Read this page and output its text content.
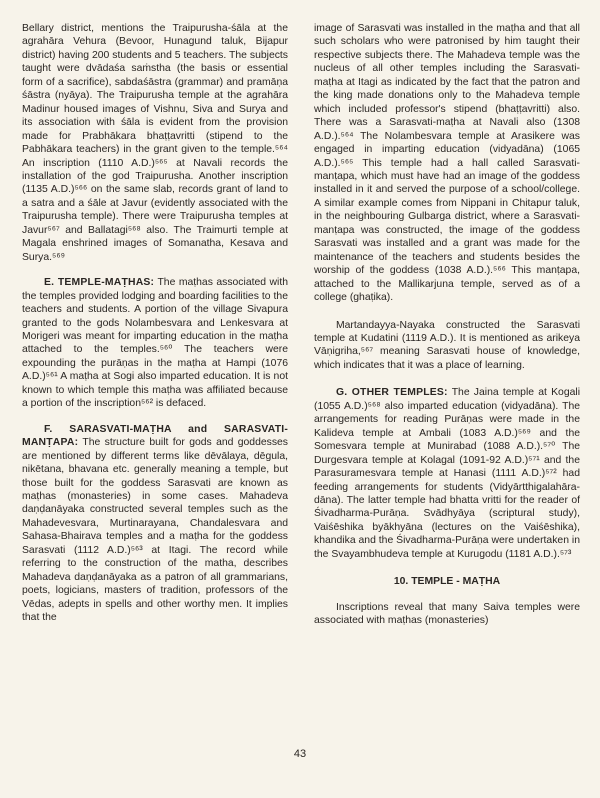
Bellary district, mentions the Traipurusha-śāla at the agrahāra Vehura (Bevoor, Hunagund taluk, Bijapur district) having 200 students and 5 teachers. The subjects taught were dvādaśa saṁstha (the basis or essential form of a sacrifice), sabdaśāstra (grammar) and pramāṇa śāstra (nyāya). The Traipurusha temple at the agrahāra Madinur housed images of Vishnu, Siva and Surya and its association with śāla is evident from the provision made for Prabhākara bhaṭṭavritti (stipend to the Pabhākara teachers) in the grant given to the temple.⁵⁶⁴ An inscription (1110 A.D.)⁵⁶⁵ at Navali records the installation of the god Traipurusha. Another inscription (1135 A.D.)⁵⁶⁶ on the same slab, records grant of land to a satra and a śāle at Javur (evidently associated with the Traipurusha temple). There were Traipurusha temples at Javur⁵⁶⁷ and Ballatagi⁵⁶⁸ also. The Traimurti temple at Magala enshrined images of Somanatha, Kesava and Surya.⁵⁶⁹

E. TEMPLE-MAṬHAS: The maṭhas associated with the temples provided lodging and boarding facilities to the teachers and students. A portion of the village Sivapura granted to the gods Nolambesvara and Lenkesvara at Morigeri was meant for imparting education in the maṭha attached to the temples.⁵⁶⁰ The teachers were expounding the purāṇas in the maṭha at Hampi (1076 A.D.)⁵⁶¹ A maṭha at Sogi also imparted education. It is not known to which temple this maṭha was affiliated because a portion of the inscription⁵⁶² is defaced.

F. SARASVATI-MAṬHA and SARASVATI-MANṬAPA: The structure built for gods and goddesses are mentioned by different terms like dēvālaya, dēgula, nikētana, bhavana etc. generally meaning a temple, but those built for the goddess Sarasvati are known as maṭhas (monasteries) in some cases. Mahadeva daṇḍanāyaka constructed several temples such as the Mahadevesvara, Murtinarayana, Chandalesvara and Sahasa-Bhairava temples and a maṭha for the goddess Sarasvati (1112 A.D.)⁵⁶³ at Itagi. The record while referring to the construction of the matha, describes Mahadeva daṇḍanāyaka as a patron of all grammarians, poets, logicians, masters of tradition, professors of the Vēdas, adepts in spells and other worthy men. It implies that the

image of Sarasvati was installed in the maṭha and that all such scholars who were patronised by him taught their respective subjects there. The Mahadeva temple was the nucleus of all other temples including the Sarasvati-maṭha at Itagi as indicated by the fact that the patron and the king made donations only to the Mahadeva temple which included professor's stipend (bhaṭṭavritti) also. There was a Sarasvati-maṭha at Navali also (1308 A.D.).⁵⁶⁴ The Nolambesvara temple at Arasikere was engaged in imparting education (vidyadāna) (1065 A.D.).⁵⁶⁵ This temple had a hall called Sarasvati-manṭapa, which must have had an image of the goddess installed in it and served the purpose of a school/college. A similar example comes from Nippani in Chitapur taluk, in the neighbouring Gulbarga district, where a Sarasvati-manṭapa was constructed, the image of the goddess Sarasvati was installed and a grant was made for the maintenance of the teachers and students besides the worship of the goddess (1038 A.D.).⁵⁶⁶ This manṭapa, attached to the Mallikarjuna temple, served as of a college (ghaṭika).

Martandayya-Nayaka constructed the Sarasvati temple at Kudatini (1119 A.D.). It is mentioned as arikeya Vāṇigriha,⁵⁶⁷ meaning Sarasvati house of knowledge, which indicates that it was a place of learning.

G. OTHER TEMPLES: The Jaina temple at Kogali (1055 A.D.)⁵⁶⁸ also imparted education (vidyadāna). The arrangements for reading Purāṇas were made in the Kalideva temple at Ambali (1083 A.D.)⁵⁶⁹ and the Somesvara temple at Munirabad (1088 A.D.).⁵⁷⁰ The Durgesvara temple at Kolagal (1091-92 A.D.)⁵⁷¹ and the Parasuramesvara temple at Hanasi (1111 A.D.)⁵⁷² had feeding arrangements for students (Vidyārtthigalahāra-dāna). The latter temple had bhatta vritti for the reader of Śivadharma-Purāṇa. Svādhyāya (scriptural study), Vaiśēshika byākhyāna (lectures on the Vaiśēshika), khandika and the Śivadharma-Purāṇa were undertaken in the Svayambhudeva temple at Kurugodu (1181 A.D.).⁵⁷³

10. TEMPLE - MAṬHA

Inscriptions reveal that many Saiva temples were associated with maṭhas (monasteries)

43
